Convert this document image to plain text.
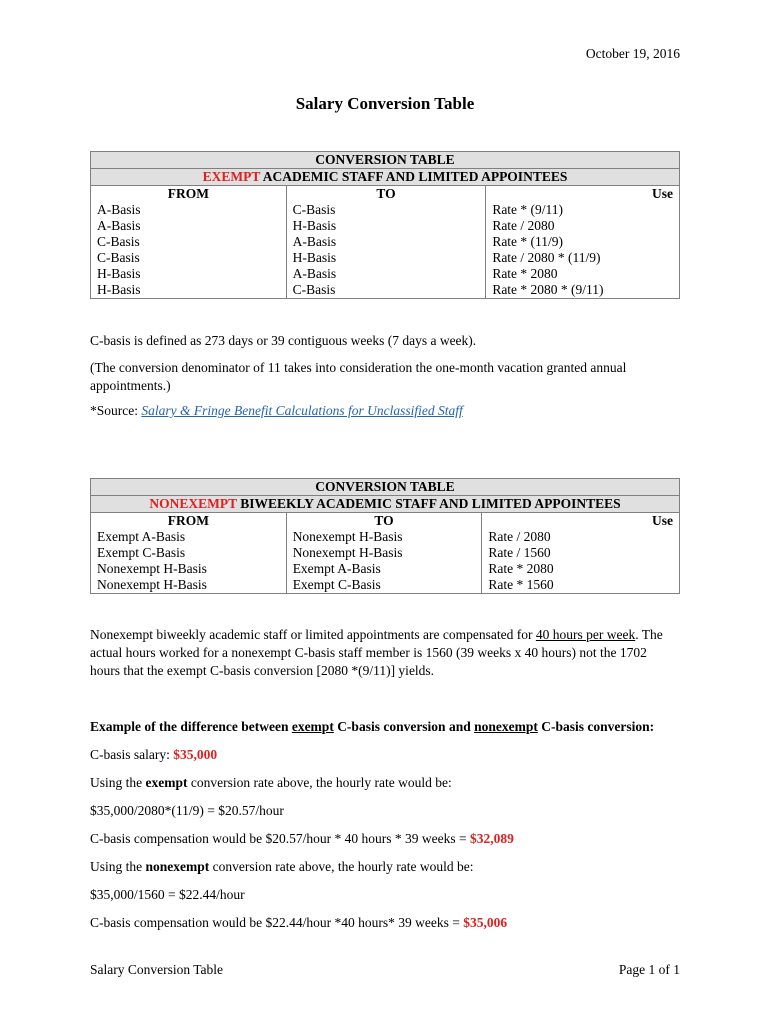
October 19, 2016
Salary Conversion Table
CONVERSION TABLE		
EXEMPT ACADEMIC STAFF AND LIMITED APPOINTEES		
FROM	TO	Use
A-Basis	C-Basis	Rate * (9/11)
A-Basis	H-Basis	Rate / 2080
C-Basis	A-Basis	Rate * (11/9)
C-Basis	H-Basis	Rate / 2080 * (11/9)
H-Basis	A-Basis	Rate * 2080
H-Basis	C-Basis	Rate * 2080 * (9/11)
C-basis is defined as 273 days or 39 contiguous weeks (7 days a week).
(The conversion denominator of 11 takes into consideration the one-month vacation granted annual appointments.)
*Source: Salary & Fringe Benefit Calculations for Unclassified Staff
CONVERSION TABLE		
NONEXEMPT BIWEEKLY ACADEMIC STAFF AND LIMITED APPOINTEES		
FROM	TO	Use
Exempt A-Basis	Nonexempt H-Basis	Rate / 2080
Exempt C-Basis	Nonexempt H-Basis	Rate / 1560
Nonexempt H-Basis	Exempt A-Basis	Rate * 2080
Nonexempt H-Basis	Exempt C-Basis	Rate * 1560
Nonexempt biweekly academic staff or limited appointments are compensated for 40 hours per week. The actual hours worked for a nonexempt C-basis staff member is 1560 (39 weeks x 40 hours) not the 1702 hours that the exempt C-basis conversion [2080 *(9/11)] yields.
Example of the difference between exempt C-basis conversion and nonexempt C-basis conversion:
C-basis salary: $35,000
Using the exempt conversion rate above, the hourly rate would be:
$35,000/2080*(11/9) = $20.57/hour
C-basis compensation would be $20.57/hour * 40 hours * 39 weeks = $32,089
Using the nonexempt conversion rate above, the hourly rate would be:
$35,000/1560 = $22.44/hour
C-basis compensation would be $22.44/hour *40 hours* 39 weeks = $35,006
Salary Conversion Table	Page 1 of 1
